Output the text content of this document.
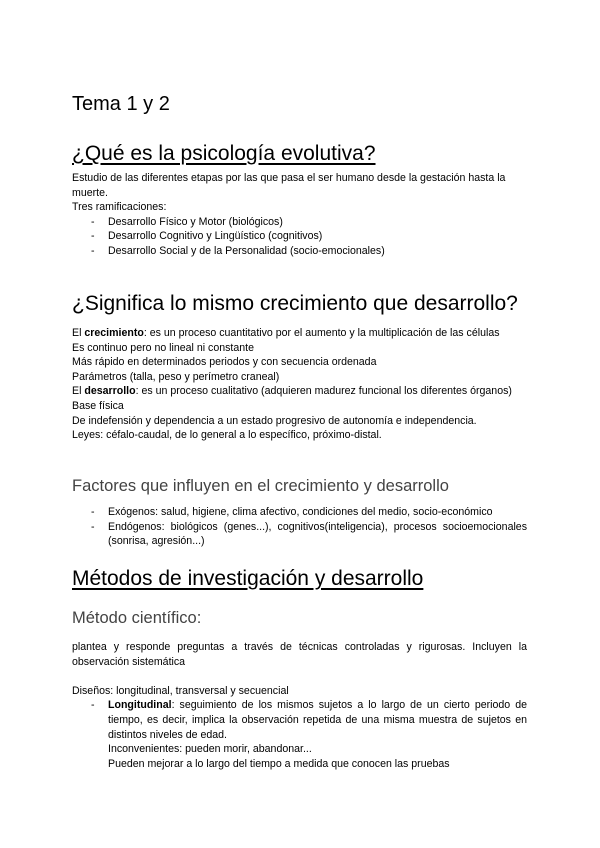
Tema 1 y 2
¿Qué es la psicología evolutiva?
Estudio de las diferentes etapas por las que pasa el ser humano desde la gestación hasta la
muerte.
Tres ramificaciones:
- Desarrollo Físico y Motor (biológicos)
- Desarrollo Cognitivo y Lingüístico (cognitivos)
- Desarrollo Social y de la Personalidad (socio-emocionales)
¿Significa lo mismo crecimiento que desarrollo?
El crecimiento: es un proceso cuantitativo por el aumento y la multiplicación de las células
Es continuo pero no lineal ni constante
Más rápido en determinados periodos y con secuencia ordenada
Parámetros (talla, peso y perímetro craneal)
El desarrollo: es un proceso cualitativo (adquieren madurez funcional los diferentes órganos)
Base física
De indefensión y dependencia a un estado progresivo de autonomía e independencia.
Leyes: céfalo-caudal, de lo general a lo específico, próximo-distal.
Factores que influyen en el crecimiento y desarrollo
- Exógenos: salud, higiene, clima afectivo, condiciones del medio, socio-económico
- Endógenos: biológicos (genes...), cognitivos(inteligencia), procesos socioemocionales (sonrisa, agresión...)
Métodos de investigación y desarrollo
Método científico:
plantea y responde preguntas a través de técnicas controladas y rigurosas. Incluyen la observación sistemática
Diseños: longitudinal, transversal y secuencial
- Longitudinal: seguimiento de los mismos sujetos a lo largo de un cierto periodo de tiempo, es decir, implica la observación repetida de una misma muestra de sujetos en distintos niveles de edad.
Inconvenientes: pueden morir, abandonar...
Pueden mejorar a lo largo del tiempo a medida que conocen las pruebas
